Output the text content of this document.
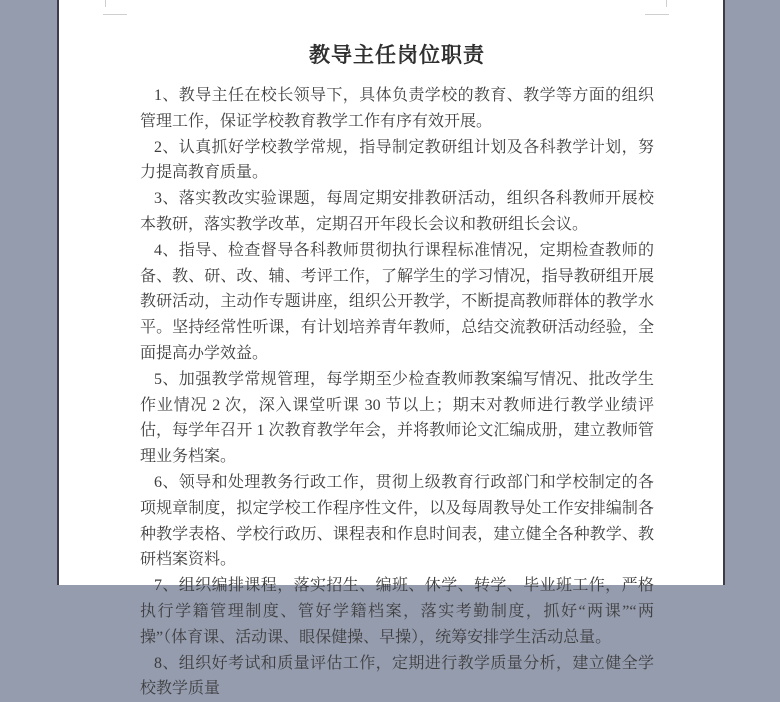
教导主任岗位职责

1、教导主任在校长领导下，具体负责学校的教育、教学等方面的组织管理工作，保证学校教育教学工作有序有效开展。

2、认真抓好学校教学常规，指导制定教研组计划及各科教学计划，努力提高教育质量。

3、落实教改实验课题，每周定期安排教研活动，组织各科教师开展校本教研，落实教学改革，定期召开年段长会议和教研组长会议。

4、指导、检查督导各科教师贯彻执行课程标准情况，定期检查教师的备、教、研、改、辅、考评工作，了解学生的学习情况，指导教研组开展教研活动，主动作专题讲座，组织公开教学，不断提高教师群体的教学水平。坚持经常性听课，有计划培养青年教师，总结交流教研活动经验，全面提高办学效益。

5、加强教学常规管理，每学期至少检查教师教案编写情况、批改学生作业情况 2 次，深入课堂听课 30 节以上；期末对教师进行教学业绩评估，每学年召开 1 次教育教学年会，并将教师论文汇编成册，建立教师管理业务档案。

6、领导和处理教务行政工作，贯彻上级教育行政部门和学校制定的各项规章制度，拟定学校工作程序性文件，以及每周教导处工作安排编制各种教学表格、学校行政历、课程表和作息时间表，建立健全各种教学、教研档案资料。

7、组织编排课程，落实招生、编班、休学、转学、毕业班工作，严格执行学籍管理制度、管好学籍档案，落实考勤制度，抓好“两课”“两操”（体育课、活动课、眼保健操、早操），统筹安排学生活动总量。

8、组织好考试和质量评估工作，定期进行教学质量分析，建立健全学校教学质量
